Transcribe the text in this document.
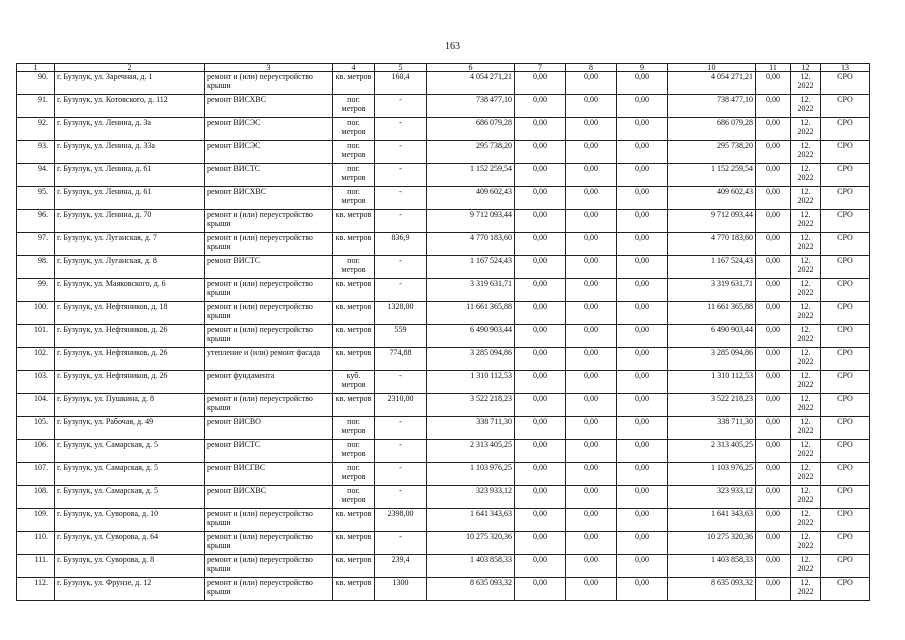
163
1	2	3	4	5	6	7	8	9	10	11	12	13
90.	г. Бузулук, ул. Заречная, д. 1	ремонт и (или) переустройство крыши	кв. метров	160,4	4 054 271,21	0,00	0,00	0,00	4 054 271,21	0,00	12. 2022	СРО
91.	г. Бузулук, ул. Котовского, д. 112	ремонт ВИСХВС	пог. метров	-	738 477,10	0,00	0,00	0,00	738 477,10	0,00	12. 2022	СРО
92.	г. Бузулук, ул. Ленина, д. 3а	ремонт ВИСЭС	пог. метров	-	686 079,28	0,00	0,00	0,00	686 079,28	0,00	12. 2022	СРО
93.	г. Бузулук, ул. Ленина, д. 33а	ремонт ВИСЭС	пог. метров	-	295 738,20	0,00	0,00	0,00	295 738,20	0,00	12. 2022	СРО
94.	г. Бузулук, ул. Ленина, д. 61	ремонт ВИСТС	пог. метров	-	1 152 259,54	0,00	0,00	0,00	1 152 259,54	0,00	12. 2022	СРО
95.	г. Бузулук, ул. Ленина, д. 61	ремонт ВИСХВС	пог. метров	-	409 602,43	0,00	0,00	0,00	409 602,43	0,00	12. 2022	СРО
96.	г. Бузулук, ул. Ленина, д. 70	ремонт и (или) переустройство крыши	кв. метров	-	9 712 093,44	0,00	0,00	0,00	9 712 093,44	0,00	12. 2022	СРО
97.	г. Бузулук, ул. Луганская, д. 7	ремонт и (или) переустройство крыши	кв. метров	836,9	4 770 183,60	0,00	0,00	0,00	4 770 183,60	0,00	12. 2022	СРО
98.	г. Бузулук, ул. Луганская, д. 8	ремонт ВИСТС	пог. метров	-	1 167 524,43	0,00	0,00	0,00	1 167 524,43	0,00	12. 2022	СРО
99.	г. Бузулук, ул. Маяковского, д. 6	ремонт и (или) переустройство крыши	кв. метров	-	3 319 631,71	0,00	0,00	0,00	3 319 631,71	0,00	12. 2022	СРО
100.	г. Бузулук, ул. Нефтяников, д. 18	ремонт и (или) переустройство крыши	кв. метров	1328,00	11 661 365,88	0,00	0,00	0,00	11 661 365,88	0,00	12. 2022	СРО
101.	г. Бузулук, ул. Нефтяников, д. 26	ремонт и (или) переустройство крыши	кв. метров	559	6 490 903,44	0,00	0,00	0,00	6 490 903,44	0,00	12. 2022	СРО
102.	г. Бузулук, ул. Нефтяников, д. 26	утепление и (или) ремонт фасада	кв. метров	774,88	3 285 094,86	0,00	0,00	0,00	3 285 094,86	0,00	12. 2022	СРО
103.	г. Бузулук, ул. Нефтяников, д. 26	ремонт фундамента	куб. метров	-	1 310 112,53	0,00	0,00	0,00	1 310 112,53	0,00	12. 2022	СРО
104.	г. Бузулук, ул. Пушкина, д. 8	ремонт и (или) переустройство крыши	кв. метров	2310,00	3 522 218,23	0,00	0,00	0,00	3 522 218,23	0,00	12. 2022	СРО
105.	г. Бузулук, ул. Рабочая, д. 49	ремонт ВИСВО	пог. метров	-	338 711,30	0,00	0,00	0,00	338 711,30	0,00	12. 2022	СРО
106.	г. Бузулук, ул. Самарская, д. 5	ремонт ВИСТС	пог. метров	-	2 313 405,25	0,00	0,00	0,00	2 313 405,25	0,00	12. 2022	СРО
107.	г. Бузулук, ул. Самарская, д. 5	ремонт ВИСГВС	пог. метров	-	1 103 976,25	0,00	0,00	0,00	1 103 976,25	0,00	12. 2022	СРО
108.	г. Бузулук, ул. Самарская, д. 5	ремонт ВИСХВС	пог. метров	-	323 933,12	0,00	0,00	0,00	323 933,12	0,00	12. 2022	СРО
109.	г. Бузулук, ул. Суворова, д. 10	ремонт и (или) переустройство крыши	кв. метров	2398,00	1 641 343,63	0,00	0,00	0,00	1 641 343,63	0,00	12. 2022	СРО
110.	г. Бузулук, ул. Суворова, д. 64	ремонт и (или) переустройство крыши	кв. метров	-	10 275 320,36	0,00	0,00	0,00	10 275 320,36	0,00	12. 2022	СРО
111.	г. Бузулук, ул. Суворова, д. 8	ремонт и (или) переустройство крыши	кв. метров	239,4	1 403 858,33	0,00	0,00	0,00	1 403 858,33	0,00	12. 2022	СРО
112.	г. Бузулук, ул. Фрунзе, д. 12	ремонт и (или) переустройство крыши	кв. метров	1300	8 635 093,32	0,00	0,00	0,00	8 635 093,32	0,00	12. 2022	СРО
